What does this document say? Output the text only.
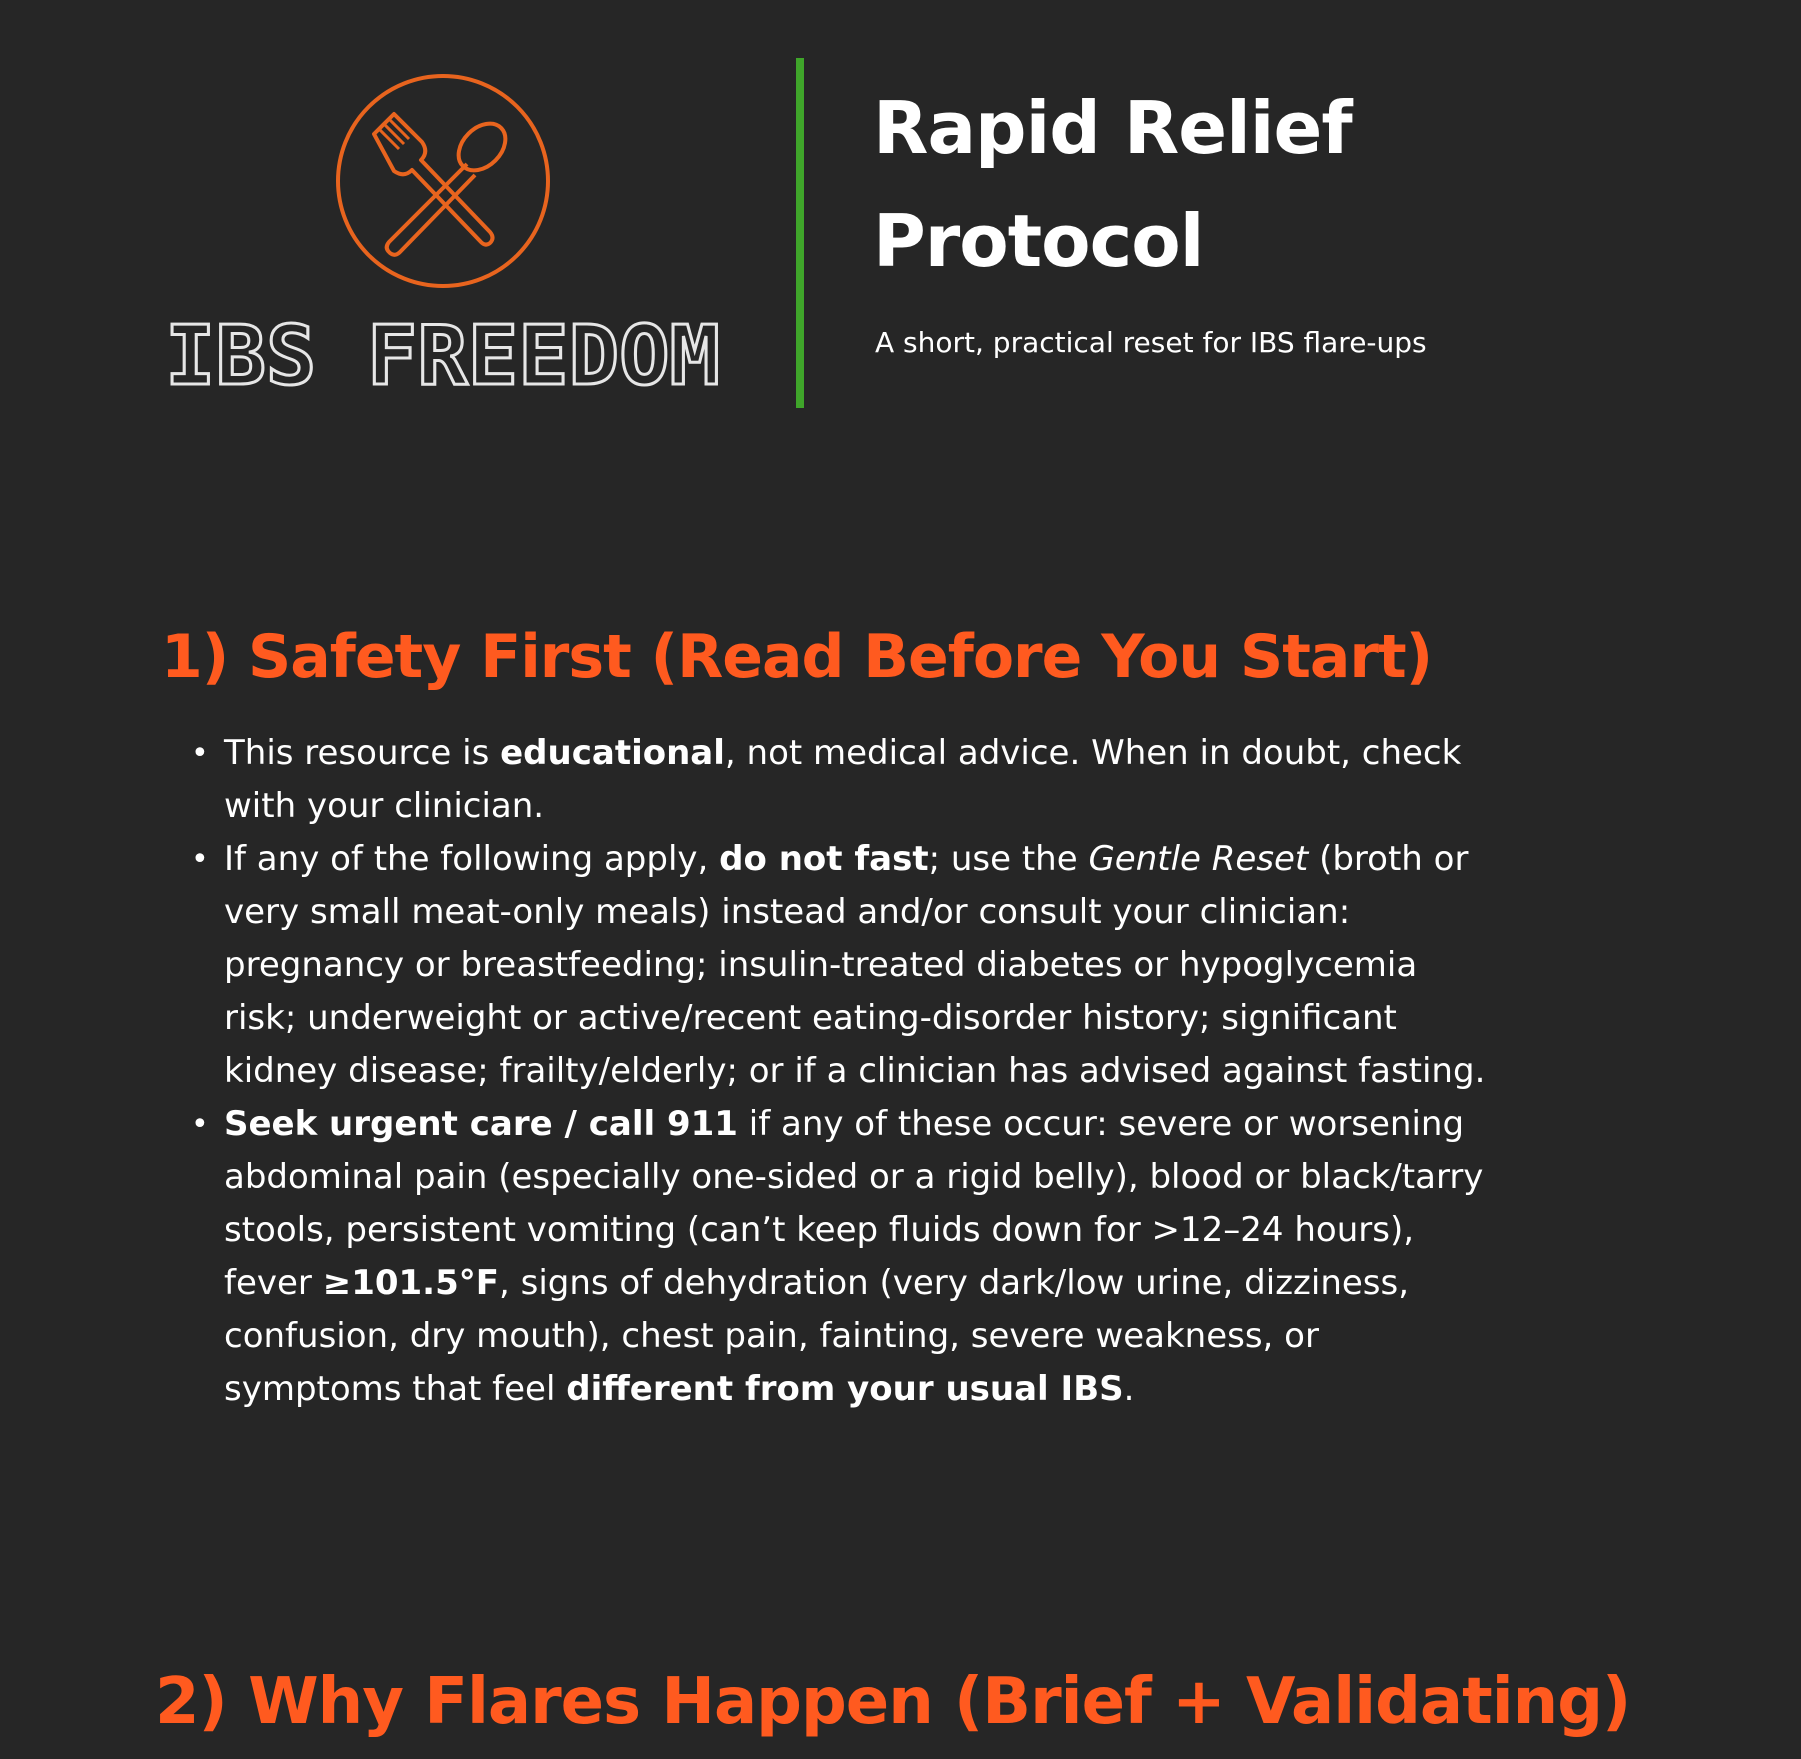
IBS FREEDOM
Rapid Relief
Protocol
A short, practical reset for IBS flare-ups
1) Safety First (Read Before You Start)
• This resource is educational, not medical advice. When in doubt, check with your clinician.
• If any of the following apply, do not fast; use the Gentle Reset (broth or very small meat-only meals) instead and/or consult your clinician: pregnancy or breastfeeding; insulin-treated diabetes or hypoglycemia risk; underweight or active/recent eating-disorder history; significant kidney disease; frailty/elderly; or if a clinician has advised against fasting.
• Seek urgent care / call 911 if any of these occur: severe or worsening abdominal pain (especially one-sided or a rigid belly), blood or black/tarry stools, persistent vomiting (can’t keep fluids down for >12–24 hours), fever ≥101.5°F, signs of dehydration (very dark/low urine, dizziness, confusion, dry mouth), chest pain, fainting, severe weakness, or symptoms that feel different from your usual IBS.
2) Why Flares Happen (Brief + Validating)
